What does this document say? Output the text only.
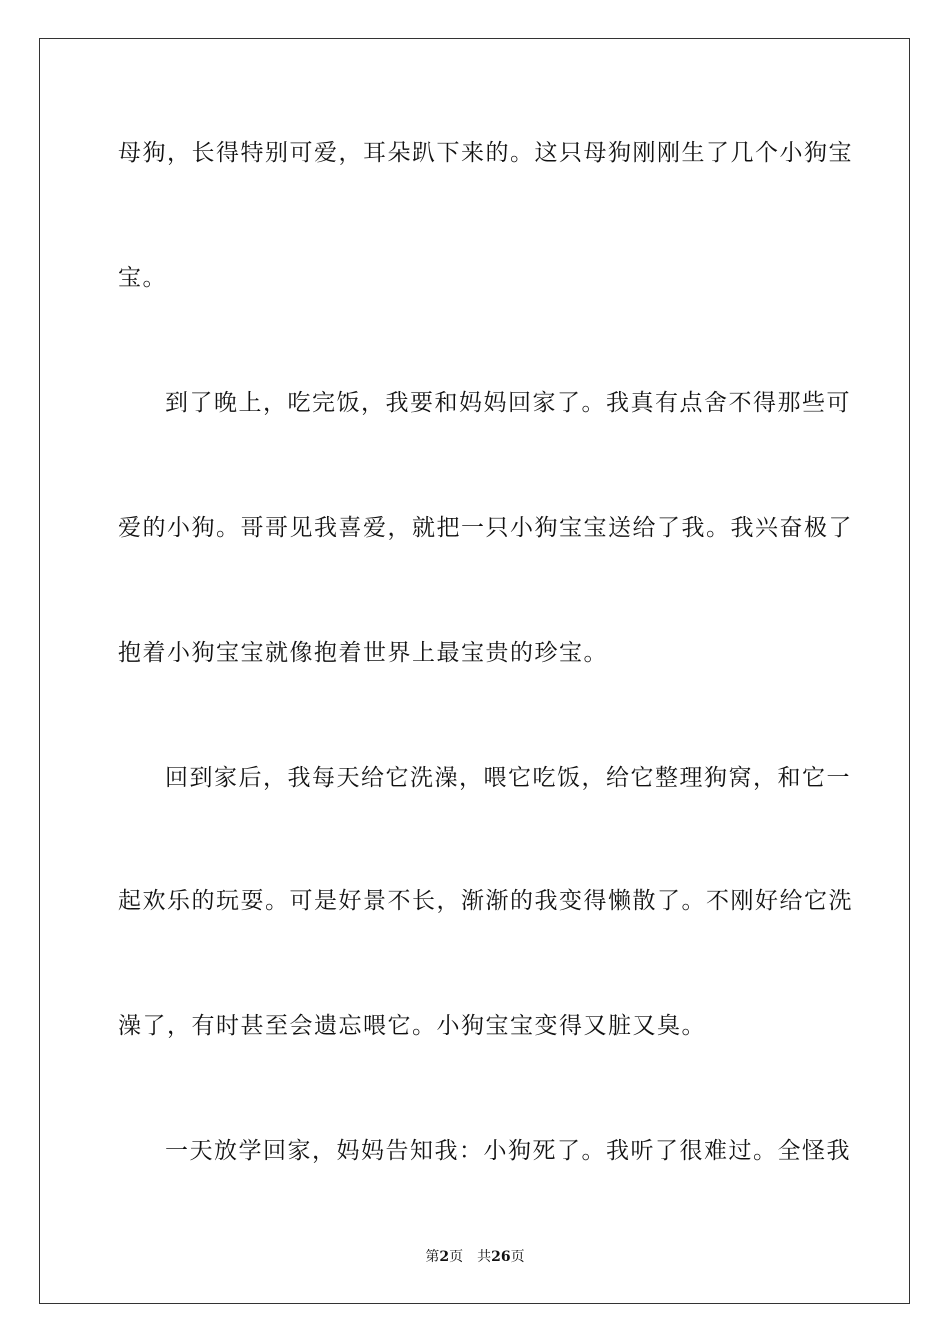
母狗，长得特别可爱，耳朵趴下来的。这只母狗刚刚生了几个小狗宝
宝。
到了晚上，吃完饭，我要和妈妈回家了。我真有点舍不得那些可
爱的小狗。哥哥见我喜爱，就把一只小狗宝宝送给了我。我兴奋极了
抱着小狗宝宝就像抱着世界上最宝贵的珍宝。
回到家后，我每天给它洗澡，喂它吃饭，给它整理狗窝，和它一
起欢乐的玩耍。可是好景不长，渐渐的我变得懒散了。不刚好给它洗
澡了，有时甚至会遗忘喂它。小狗宝宝变得又脏又臭。
一天放学回家，妈妈告知我：小狗死了。我听了很难过。全怪我
第2页 共26页
